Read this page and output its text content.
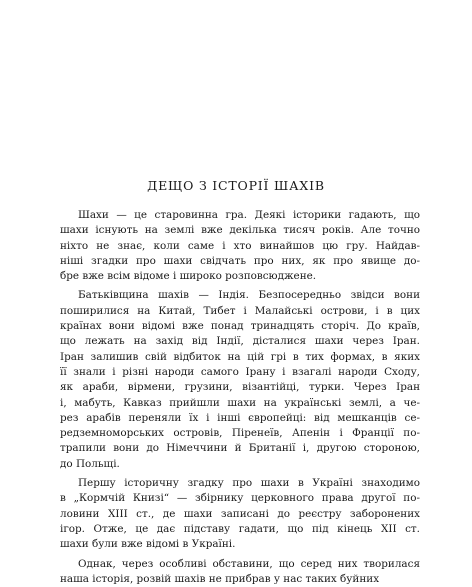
ДЕЩО З ІСТОРІЇ ШАХІВ

Шахи — це старовинна гра. Деякі історики гадають, що
шахи існують на землі вже декілька тисяч років. Але точно
ніхто не знає, коли саме і хто винайшов цю гру. Найдав-
ніші згадки про шахи свідчать про них, як про явище до-
бре вже всім відоме і широко розповсюджене.

Батьківщина шахів — Індія. Безпосередньо звідси вони
поширилися на Китай, Тибет і Малайські острови, і в цих
країнах вони відомі вже понад тринадцять сторіч. До країв,
що лежать на захід від Індії, дісталися шахи через Іран.
Іран залишив свій відбиток на цій грі в тих формах, в яких
її знали і різні народи самого Ірану і взагалі народи Сходу,
як араби, вірмени, грузини, візантійці, турки. Через Іран
і, мабуть, Кавказ прийшли шахи на українські землі, а че-
рез арабів переняли їх і інші європейці: від мешканців се-
редземноморських островів, Піренеїв, Апенін і Франції по-
трапили вони до Німеччини й Британії і, другою стороною,
до Польщі.

Першу історичну згадку про шахи в Україні знаходимо
в „Кормчій Книзі“ — збірнику церковного права другої по-
ловини XIII ст., де шахи записані до реєстру заборонених
ігор. Отже, це дає підставу гадати, що під кінець XII ст.
шахи були вже відомі в Україні.

Однак, через особливі обставини, що серед них творилася
наша історія, розвій шахів не прибрав у нас таких буйних
